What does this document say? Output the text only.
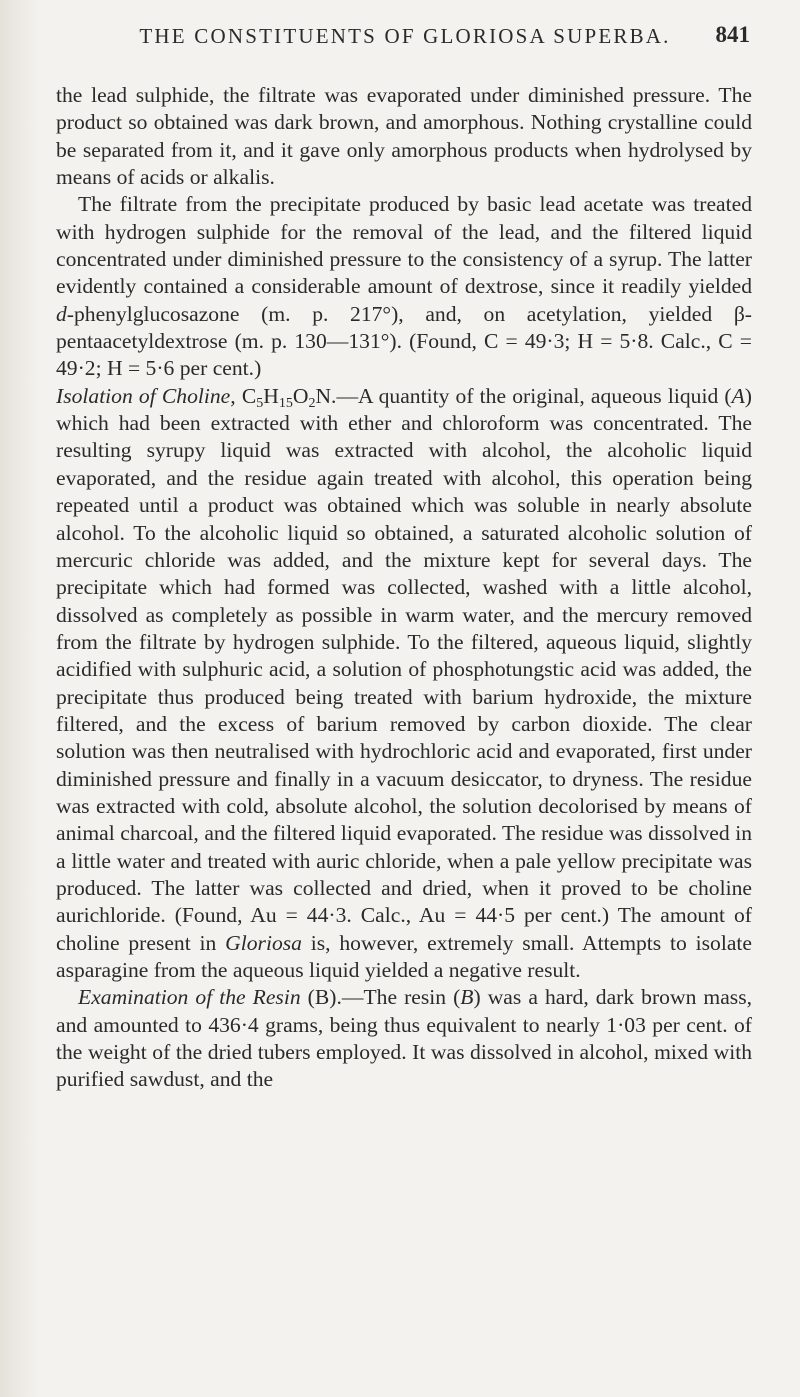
THE CONSTITUENTS OF GLORIOSA SUPERBA.	841

the lead sulphide, the filtrate was evaporated under diminished pressure. The product so obtained was dark brown, and amorphous. Nothing crystalline could be separated from it, and it gave only amorphous products when hydrolysed by means of acids or alkalis.

The filtrate from the precipitate produced by basic lead acetate was treated with hydrogen sulphide for the removal of the lead, and the filtered liquid concentrated under diminished pressure to the consistency of a syrup. The latter evidently contained a considerable amount of dextrose, since it readily yielded d-phenylglucosazone (m. p. 217°), and, on acetylation, yielded β-pentaacetyldextrose (m. p. 130—131°). (Found, C = 49·3; H = 5·8. Calc., C = 49·2; H = 5·6 per cent.)

Isolation of Choline, $C_5H_{15}O_2N.—A$ quantity of the original, aqueous liquid (A) which had been extracted with ether and chloroform was concentrated. The resulting syrupy liquid was extracted with alcohol, the alcoholic liquid evaporated, and the residue again treated with alcohol, this operation being repeated until a product was obtained which was soluble in nearly absolute alcohol. To the alcoholic liquid so obtained, a saturated alcoholic solution of mercuric chloride was added, and the mixture kept for several days. The precipitate which had formed was collected, washed with a little alcohol, dissolved as completely as possible in warm water, and the mercury removed from the filtrate by hydrogen sulphide. To the filtered, aqueous liquid, slightly acidified with sulphuric acid, a solution of phosphotungstic acid was added, the precipitate thus produced being treated with barium hydroxide, the mixture filtered, and the excess of barium removed by carbon dioxide. The clear solution was then neutralised with hydrochloric acid and evaporated, first under diminished pressure and finally in a vacuum desiccator, to dryness. The residue was extracted with cold, absolute alcohol, the solution decolorised by means of animal charcoal, and the filtered liquid evaporated. The residue was dissolved in a little water and treated with auric chloride, when a pale yellow precipitate was produced. The latter was collected and dried, when it proved to be choline aurichloride. (Found, Au = 44·3. Calc., Au = 44·5 per cent.) The amount of choline present in Gloriosa is, however, extremely small. Attempts to isolate asparagine from the aqueous liquid yielded a negative result.

Examination of the Resin (B).—The resin (B) was a hard, dark brown mass, and amounted to 436·4 grams, being thus equivalent to nearly 1·03 per cent. of the weight of the dried tubers employed. It was dissolved in alcohol, mixed with purified sawdust, and the
